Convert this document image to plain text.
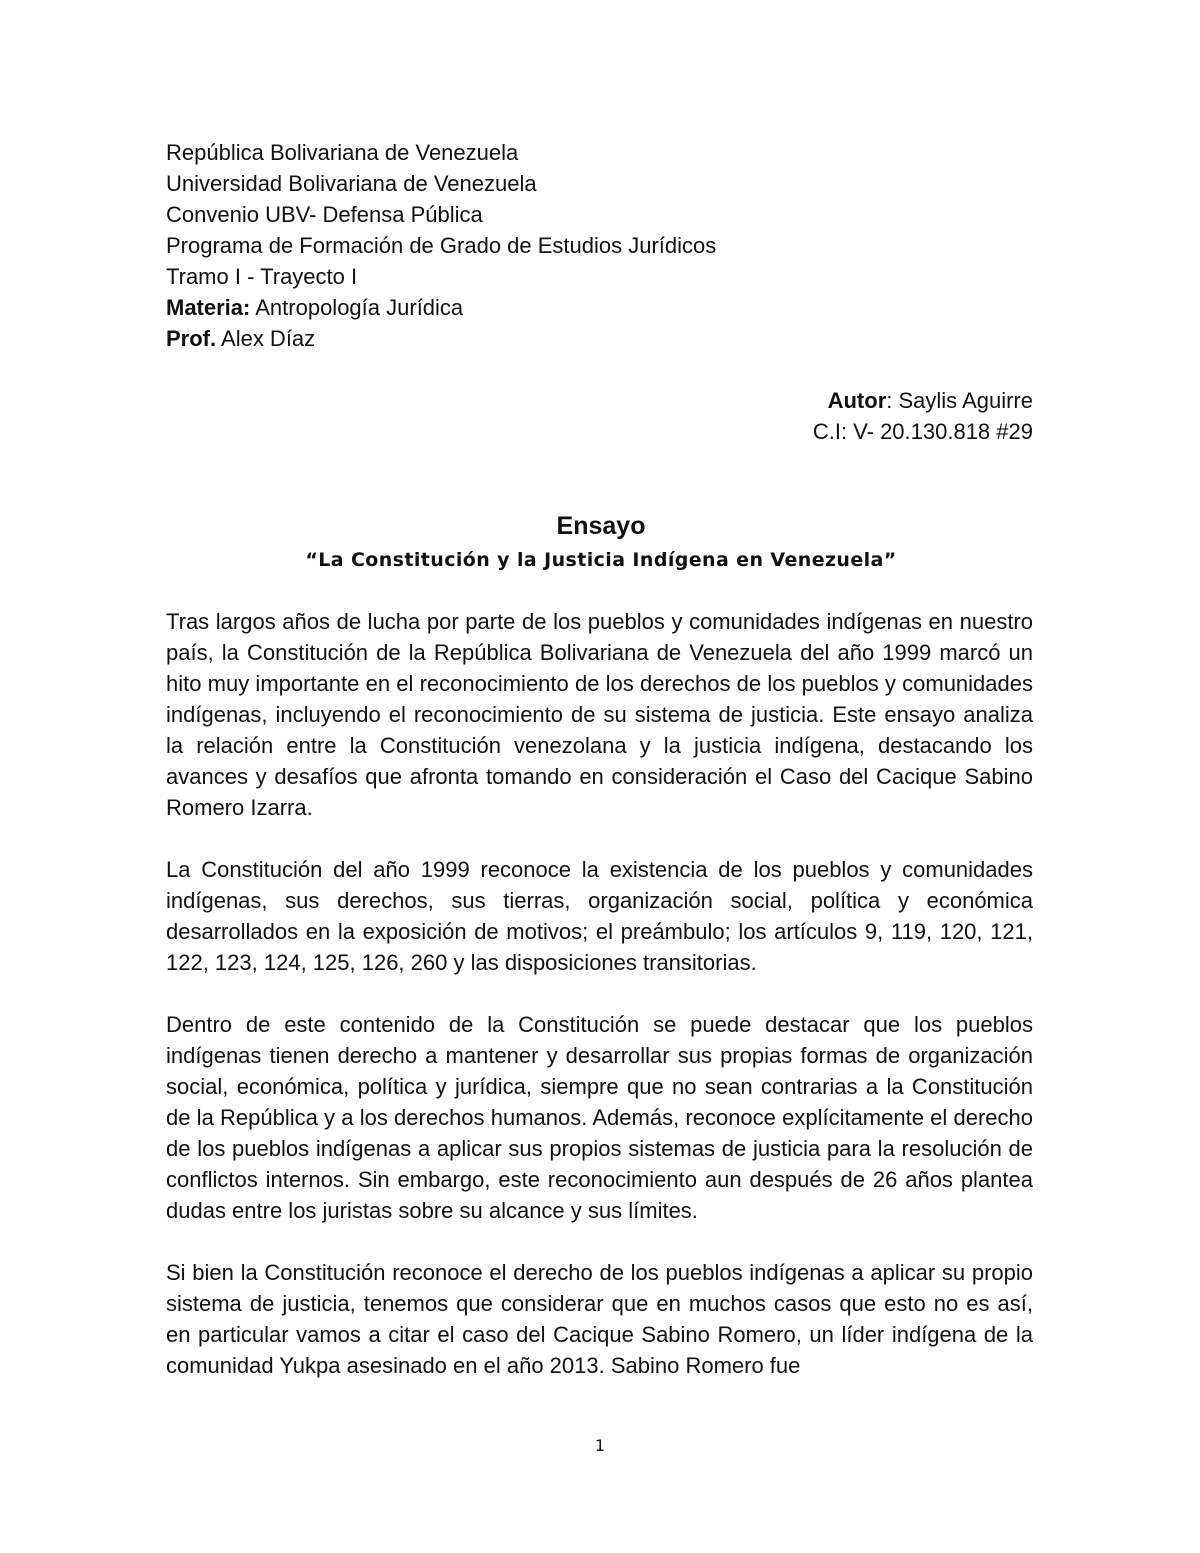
República Bolivariana de Venezuela
Universidad Bolivariana de Venezuela
Convenio UBV- Defensa Pública
Programa de Formación de Grado de Estudios Jurídicos
Tramo I - Trayecto I
Materia: Antropología Jurídica
Prof. Alex Díaz
Autor: Saylis Aguirre
C.I: V- 20.130.818 #29
Ensayo
“La Constitución y la Justicia Indígena en Venezuela”

Tras largos años de lucha por parte de los pueblos y comunidades indígenas en nuestro país, la Constitución de la República Bolivariana de Venezuela del año 1999 marcó un hito muy importante en el reconocimiento de los derechos de los pueblos y comunidades indígenas, incluyendo el reconocimiento de su sistema de justicia. Este ensayo analiza la relación entre la Constitución venezolana y la justicia indígena, destacando los avances y desafíos que afronta tomando en consideración el Caso del Cacique Sabino Romero Izarra.

La Constitución del año 1999 reconoce la existencia de los pueblos y comunidades indígenas, sus derechos, sus tierras, organización social, política y económica desarrollados en la exposición de motivos; el preámbulo; los artículos 9, 119, 120, 121, 122, 123, 124, 125, 126, 260 y las disposiciones transitorias.

Dentro de este contenido de la Constitución se puede destacar que los pueblos indígenas tienen derecho a mantener y desarrollar sus propias formas de organización social, económica, política y jurídica, siempre que no sean contrarias a la Constitución de la República y a los derechos humanos. Además, reconoce explícitamente el derecho de los pueblos indígenas a aplicar sus propios sistemas de justicia para la resolución de conflictos internos. Sin embargo, este reconocimiento aun después de 26 años plantea dudas entre los juristas sobre su alcance y sus límites.

Si bien la Constitución reconoce el derecho de los pueblos indígenas a aplicar su propio sistema de justicia, tenemos que considerar que en muchos casos que esto no es así, en particular vamos a citar el caso del Cacique Sabino Romero, un líder indígena de la comunidad Yukpa asesinado en el año 2013. Sabino Romero fue

1
